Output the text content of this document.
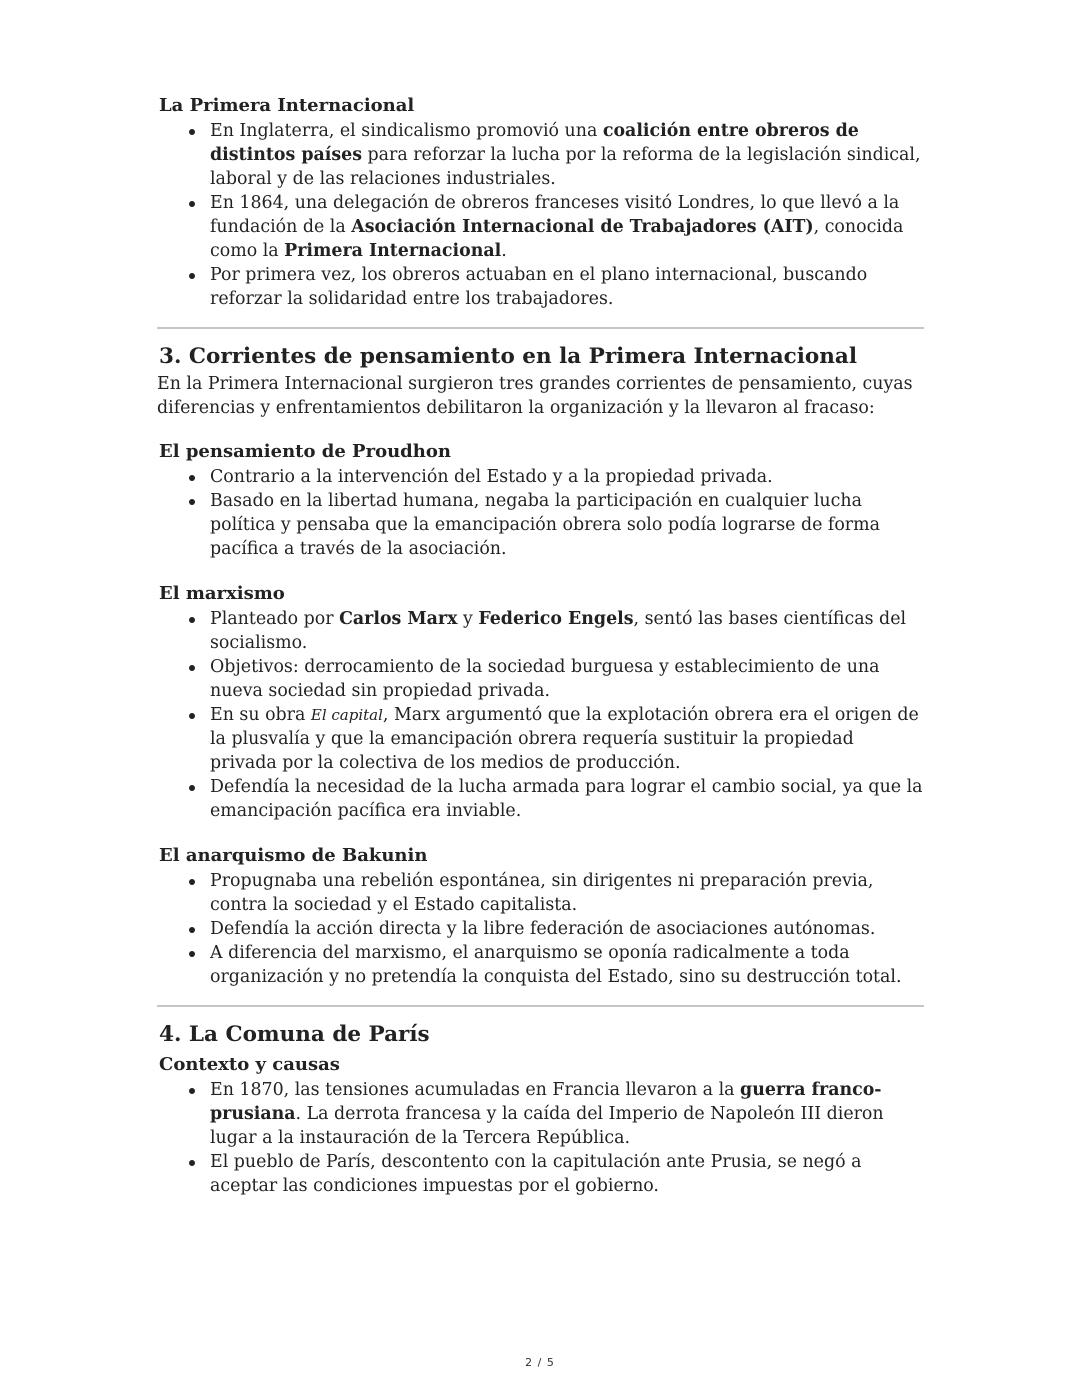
La Primera Internacional
En Inglaterra, el sindicalismo promovió una coalición entre obreros de distintos países para reforzar la lucha por la reforma de la legislación sindical, laboral y de las relaciones industriales.
En 1864, una delegación de obreros franceses visitó Londres, lo que llevó a la fundación de la Asociación Internacional de Trabajadores (AIT), conocida como la Primera Internacional.
Por primera vez, los obreros actuaban en el plano internacional, buscando reforzar la solidaridad entre los trabajadores.
3. Corrientes de pensamiento en la Primera Internacional

En la Primera Internacional surgieron tres grandes corrientes de pensamiento, cuyas diferencias y enfrentamientos debilitaron la organización y la llevaron al fracaso:

El pensamiento de Proudhon
Contrario a la intervención del Estado y a la propiedad privada.
Basado en la libertad humana, negaba la participación en cualquier lucha política y pensaba que la emancipación obrera solo podía lograrse de forma pacífica a través de la asociación.
El marxismo
Planteado por Carlos Marx y Federico Engels, sentó las bases científicas del socialismo.
Objetivos: derrocamiento de la sociedad burguesa y establecimiento de una nueva sociedad sin propiedad privada.
En su obra El capital, Marx argumentó que la explotación obrera era el origen de la plusvalía y que la emancipación obrera requería sustituir la propiedad privada por la colectiva de los medios de producción.
Defendía la necesidad de la lucha armada para lograr el cambio social, ya que la emancipación pacífica era inviable.
El anarquismo de Bakunin
Propugnaba una rebelión espontánea, sin dirigentes ni preparación previa, contra la sociedad y el Estado capitalista.
Defendía la acción directa y la libre federación de asociaciones autónomas.
A diferencia del marxismo, el anarquismo se oponía radicalmente a toda organización y no pretendía la conquista del Estado, sino su destrucción total.
4. La Comuna de París
Contexto y causas
En 1870, las tensiones acumuladas en Francia llevaron a la guerra franco-prusiana. La derrota francesa y la caída del Imperio de Napoleón III dieron lugar a la instauración de la Tercera República.
El pueblo de París, descontento con la capitulación ante Prusia, se negó a aceptar las condiciones impuestas por el gobierno.
2 / 5
